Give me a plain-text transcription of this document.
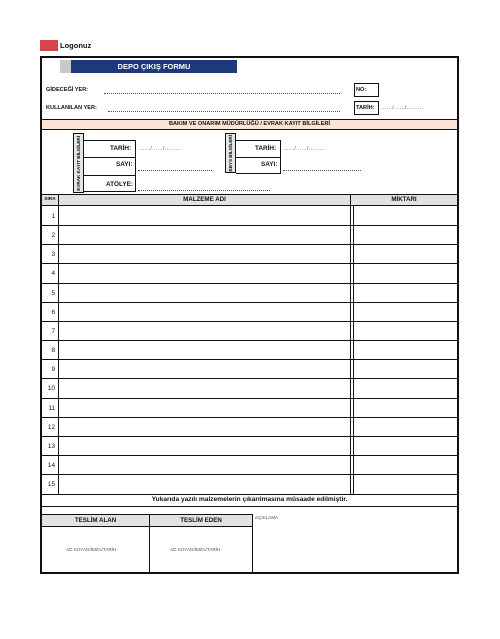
Logonuz
DEPO ÇIKIŞ FORMU
GİDECEĞİ YER:	NO:
KULLANILAN YER:	TARİH: ……/……/………
BAKIM VE ONARIM MÜDÜRLÜĞÜ / EVRAK KAYIT BİLGİLERİ
EVRAK KAYIT BİLGİLERİ	TARİH: ……/……/………
SAYI:
ATÖLYE:
EBYS BİLGİLERİ	TARİH: ……/……/………
SAYI:
SIRA	MALZEME ADI	MİKTARI
1
2
3
4
5
6
7
8
9
10
11
12
13
14
15
Yukarıda yazılı malzemelerin çıkarılmasına müsaade edilmiştir.
TESLİM ALAN	TESLİM EDEN	AÇIKLAMA
AD SOYAD/İMZA/TARİH	AD SOYAD/İMZA/TARİH
